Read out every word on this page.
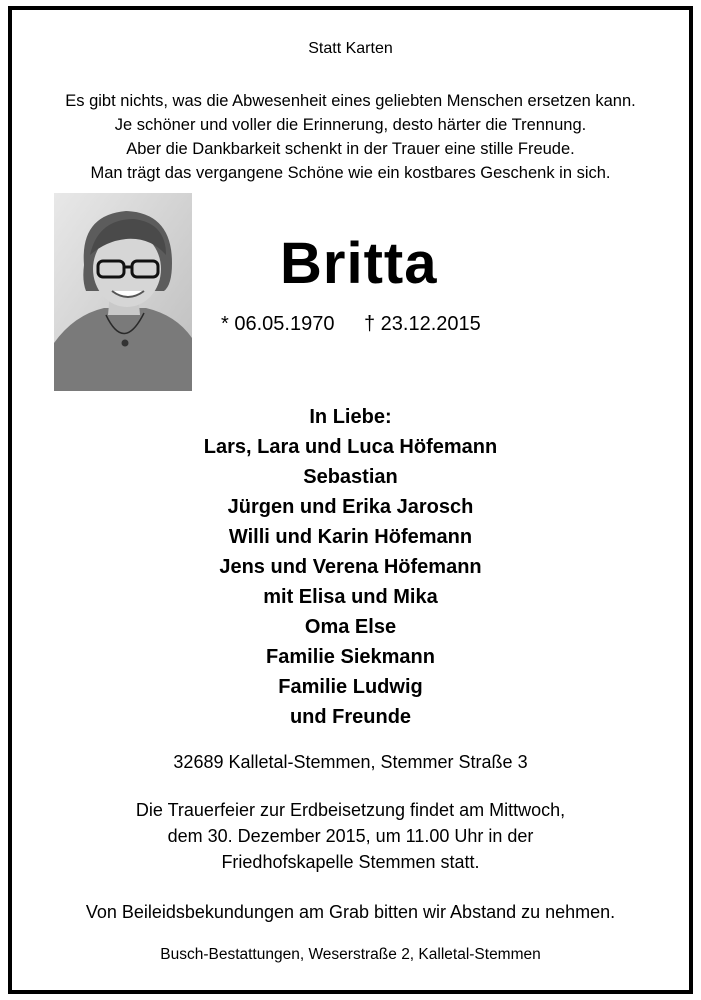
Statt Karten
Es gibt nichts, was die Abwesenheit eines geliebten Menschen ersetzen kann.
Je schöner und voller die Erinnerung, desto härter die Trennung.
Aber die Dankbarkeit schenkt in der Trauer eine stille Freude.
Man trägt das vergangene Schöne wie ein kostbares Geschenk in sich.
Britta
* 06.05.1970 † 23.12.2015
In Liebe:
Lars, Lara und Luca Höfemann
Sebastian
Jürgen und Erika Jarosch
Willi und Karin Höfemann
Jens und Verena Höfemann
mit Elisa und Mika
Oma Else
Familie Siekmann
Familie Ludwig
und Freunde
32689 Kalletal-Stemmen, Stemmer Straße 3
Die Trauerfeier zur Erdbeisetzung findet am Mittwoch,
dem 30. Dezember 2015, um 11.00 Uhr in der
Friedhofskapelle Stemmen statt.
Von Beileidsbekundungen am Grab bitten wir Abstand zu nehmen.
Busch-Bestattungen, Weserstraße 2, Kalletal-Stemmen
